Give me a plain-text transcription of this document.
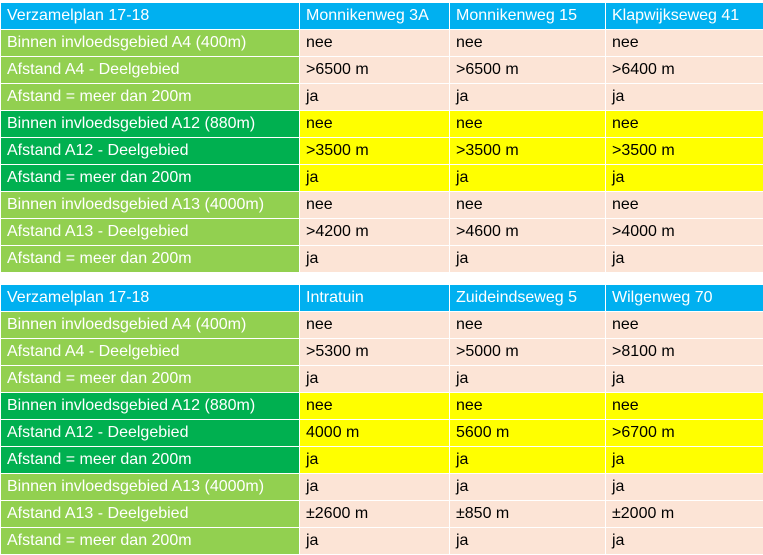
Verzamelplan 17-18	Monnikenweg 3A	Monnikenweg 15	Klapwijkseweg 41
Binnen invloedsgebied A4 (400m)	nee	nee	nee
Afstand A4 - Deelgebied	>6500 m	>6500 m	>6400 m
Afstand = meer dan 200m	ja	ja	ja
Binnen invloedsgebied A12 (880m)	nee	nee	nee
Afstand A12 - Deelgebied	>3500 m	>3500 m	>3500 m
Afstand = meer dan 200m	ja	ja	ja
Binnen invloedsgebied A13 (4000m)	nee	nee	nee
Afstand A13 - Deelgebied	>4200 m	>4600 m	>4000 m
Afstand = meer dan 200m	ja	ja	ja
Verzamelplan 17-18	Intratuin	Zuideindseweg 5	Wilgenweg 70
Binnen invloedsgebied A4 (400m)	nee	nee	nee
Afstand A4 - Deelgebied	>5300 m	>5000 m	>8100 m
Afstand = meer dan 200m	ja	ja	ja
Binnen invloedsgebied A12 (880m)	nee	nee	nee
Afstand A12 - Deelgebied	4000 m	5600 m	>6700 m
Afstand = meer dan 200m	ja	ja	ja
Binnen invloedsgebied A13 (4000m)	ja	ja	ja
Afstand A13 - Deelgebied	±2600 m	±850 m	±2000 m
Afstand = meer dan 200m	ja	ja	ja
